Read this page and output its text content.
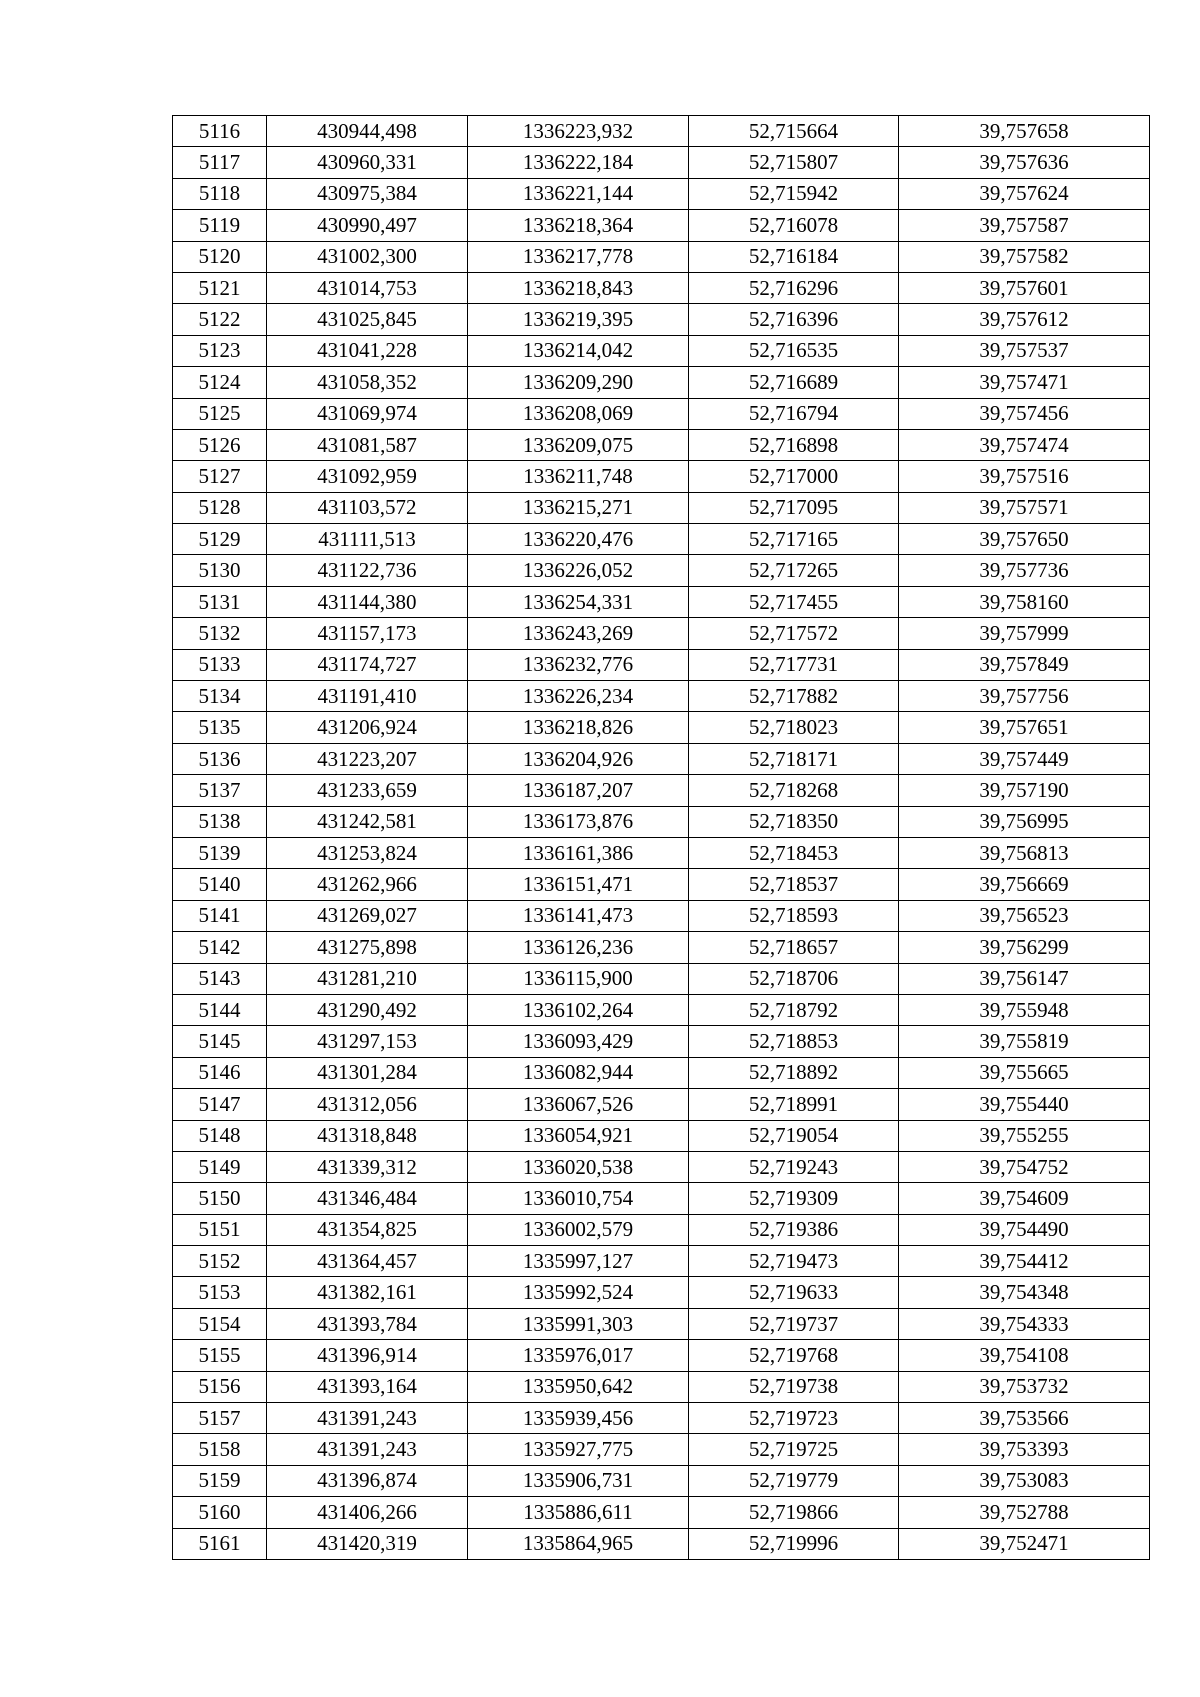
5116	430944,498	1336223,932	52,715664	39,757658
5117	430960,331	1336222,184	52,715807	39,757636
5118	430975,384	1336221,144	52,715942	39,757624
5119	430990,497	1336218,364	52,716078	39,757587
5120	431002,300	1336217,778	52,716184	39,757582
5121	431014,753	1336218,843	52,716296	39,757601
5122	431025,845	1336219,395	52,716396	39,757612
5123	431041,228	1336214,042	52,716535	39,757537
5124	431058,352	1336209,290	52,716689	39,757471
5125	431069,974	1336208,069	52,716794	39,757456
5126	431081,587	1336209,075	52,716898	39,757474
5127	431092,959	1336211,748	52,717000	39,757516
5128	431103,572	1336215,271	52,717095	39,757571
5129	431111,513	1336220,476	52,717165	39,757650
5130	431122,736	1336226,052	52,717265	39,757736
5131	431144,380	1336254,331	52,717455	39,758160
5132	431157,173	1336243,269	52,717572	39,757999
5133	431174,727	1336232,776	52,717731	39,757849
5134	431191,410	1336226,234	52,717882	39,757756
5135	431206,924	1336218,826	52,718023	39,757651
5136	431223,207	1336204,926	52,718171	39,757449
5137	431233,659	1336187,207	52,718268	39,757190
5138	431242,581	1336173,876	52,718350	39,756995
5139	431253,824	1336161,386	52,718453	39,756813
5140	431262,966	1336151,471	52,718537	39,756669
5141	431269,027	1336141,473	52,718593	39,756523
5142	431275,898	1336126,236	52,718657	39,756299
5143	431281,210	1336115,900	52,718706	39,756147
5144	431290,492	1336102,264	52,718792	39,755948
5145	431297,153	1336093,429	52,718853	39,755819
5146	431301,284	1336082,944	52,718892	39,755665
5147	431312,056	1336067,526	52,718991	39,755440
5148	431318,848	1336054,921	52,719054	39,755255
5149	431339,312	1336020,538	52,719243	39,754752
5150	431346,484	1336010,754	52,719309	39,754609
5151	431354,825	1336002,579	52,719386	39,754490
5152	431364,457	1335997,127	52,719473	39,754412
5153	431382,161	1335992,524	52,719633	39,754348
5154	431393,784	1335991,303	52,719737	39,754333
5155	431396,914	1335976,017	52,719768	39,754108
5156	431393,164	1335950,642	52,719738	39,753732
5157	431391,243	1335939,456	52,719723	39,753566
5158	431391,243	1335927,775	52,719725	39,753393
5159	431396,874	1335906,731	52,719779	39,753083
5160	431406,266	1335886,611	52,719866	39,752788
5161	431420,319	1335864,965	52,719996	39,752471
